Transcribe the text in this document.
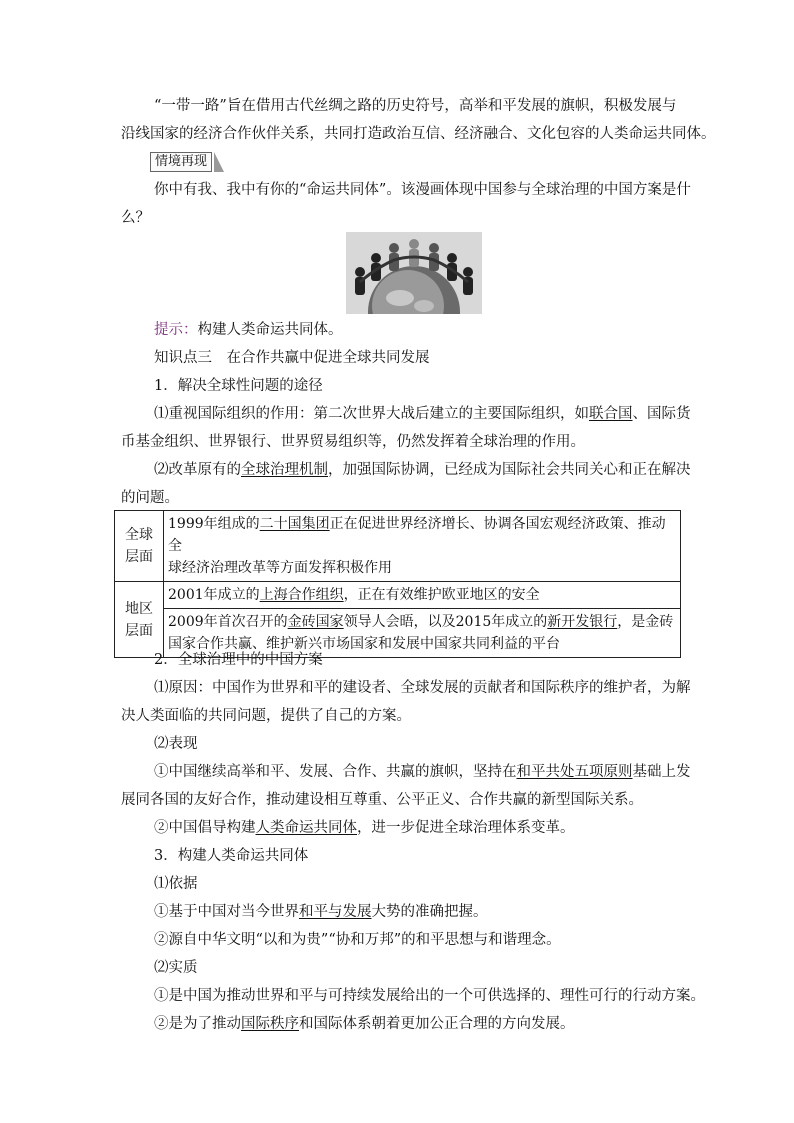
“一带一路”旨在借用古代丝绸之路的历史符号，高举和平发展的旗帜，积极发展与
沿线国家的经济合作伙伴关系，共同打造政治互信、经济融合、文化包容的人类命运共同体。
情境再现
你中有我、我中有你的“命运共同体”。该漫画体现中国参与全球治理的中国方案是什
么？
提示：构建人类命运共同体。
知识点三　在合作共赢中促进全球共同发展
1．解决全球性问题的途径
⑴重视国际组织的作用：第二次世界大战后建立的主要国际组织，如联合国、国际货
币基金组织、世界银行、世界贸易组织等，仍然发挥着全球治理的作用。
⑵改革原有的全球治理机制，加强国际协调，已经成为国际社会共同关心和正在解决
的问题。
全球
层面	1999年组成的二十国集团正在促进世界经济增长、协调各国宏观经济政策、推动全
球经济治理改革等方面发挥积极作用
地区
层面	2001年成立的上海合作组织，正在有效维护欧亚地区的安全
	2009年首次召开的金砖国家领导人会晤，以及2015年成立的新开发银行，是金砖
国家合作共赢、维护新兴市场国家和发展中国家共同利益的平台
2．全球治理中的中国方案
⑴原因：中国作为世界和平的建设者、全球发展的贡献者和国际秩序的维护者，为解
决人类面临的共同问题，提供了自己的方案。
⑵表现
①中国继续高举和平、发展、合作、共赢的旗帜，坚持在和平共处五项原则基础上发
展同各国的友好合作，推动建设相互尊重、公平正义、合作共赢的新型国际关系。
②中国倡导构建人类命运共同体，进一步促进全球治理体系变革。
3．构建人类命运共同体
⑴依据
①基于中国对当今世界和平与发展大势的准确把握。
②源自中华文明“以和为贵”“协和万邦”的和平思想与和谐理念。
⑵实质
①是中国为推动世界和平与可持续发展给出的一个可供选择的、理性可行的行动方案。
②是为了推动国际秩序和国际体系朝着更加公正合理的方向发展。
